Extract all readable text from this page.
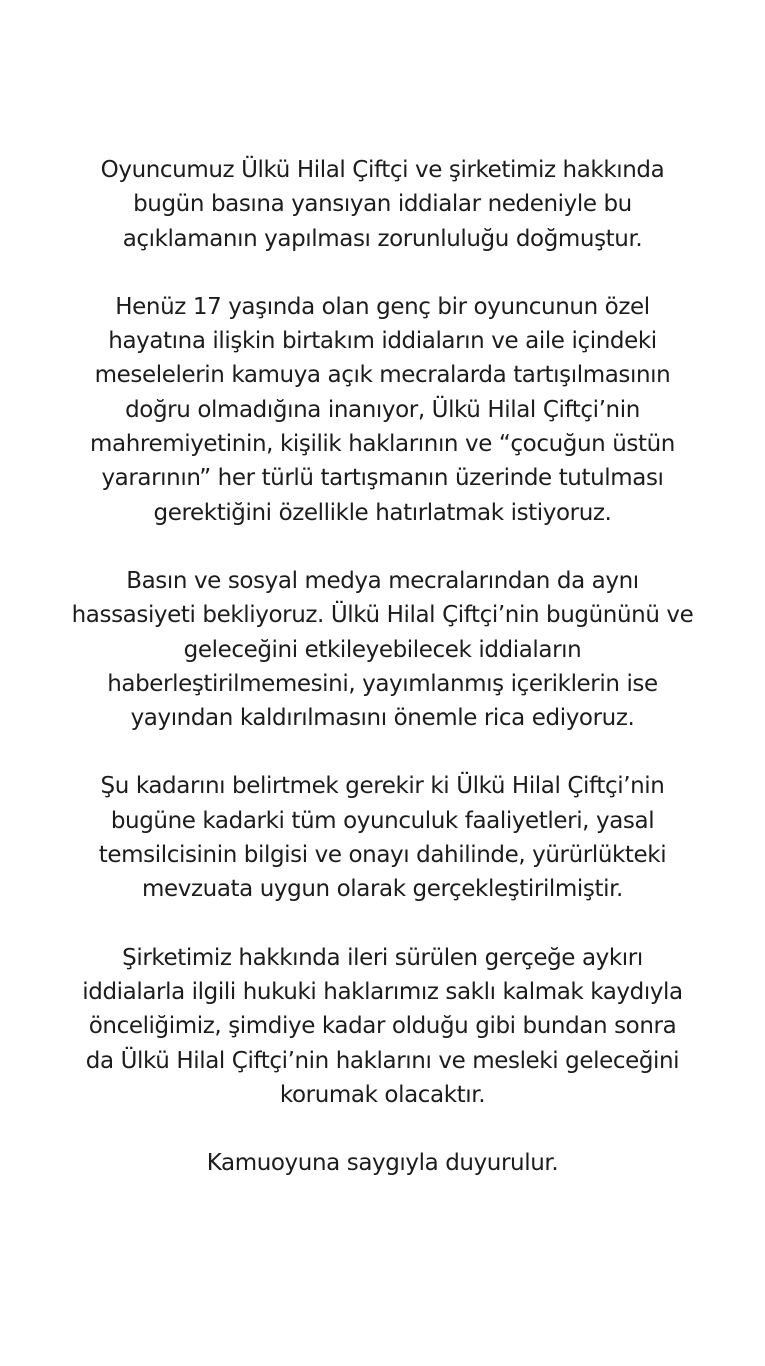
Oyuncumuz Ülkü Hilal Çiftçi ve şirketimiz hakkında
bugün basına yansıyan iddialar nedeniyle bu
açıklamanın yapılması zorunluluğu doğmuştur.

Henüz 17 yaşında olan genç bir oyuncunun özel
hayatına ilişkin birtakım iddiaların ve aile içindeki
meselelerin kamuya açık mecralarda tartışılmasının
doğru olmadığına inanıyor, Ülkü Hilal Çiftçi’nin
mahremiyetinin, kişilik haklarının ve “çocuğun üstün
yararının” her türlü tartışmanın üzerinde tutulması
gerektiğini özellikle hatırlatmak istiyoruz.

Basın ve sosyal medya mecralarından da aynı
hassasiyeti bekliyoruz. Ülkü Hilal Çiftçi’nin bugününü ve
geleceğini etkileyebilecek iddiaların
haberleştirilmemesini, yayımlanmış içeriklerin ise
yayından kaldırılmasını önemle rica ediyoruz.

Şu kadarını belirtmek gerekir ki Ülkü Hilal Çiftçi’nin
bugüne kadarki tüm oyunculuk faaliyetleri, yasal
temsilcisinin bilgisi ve onayı dahilinde, yürürlükteki
mevzuata uygun olarak gerçekleştirilmiştir.

Şirketimiz hakkında ileri sürülen gerçeğe aykırı
iddialarla ilgili hukuki haklarımız saklı kalmak kaydıyla
önceliğimiz, şimdiye kadar olduğu gibi bundan sonra
da Ülkü Hilal Çiftçi’nin haklarını ve mesleki geleceğini
korumak olacaktır.

Kamuoyuna saygıyla duyurulur.
